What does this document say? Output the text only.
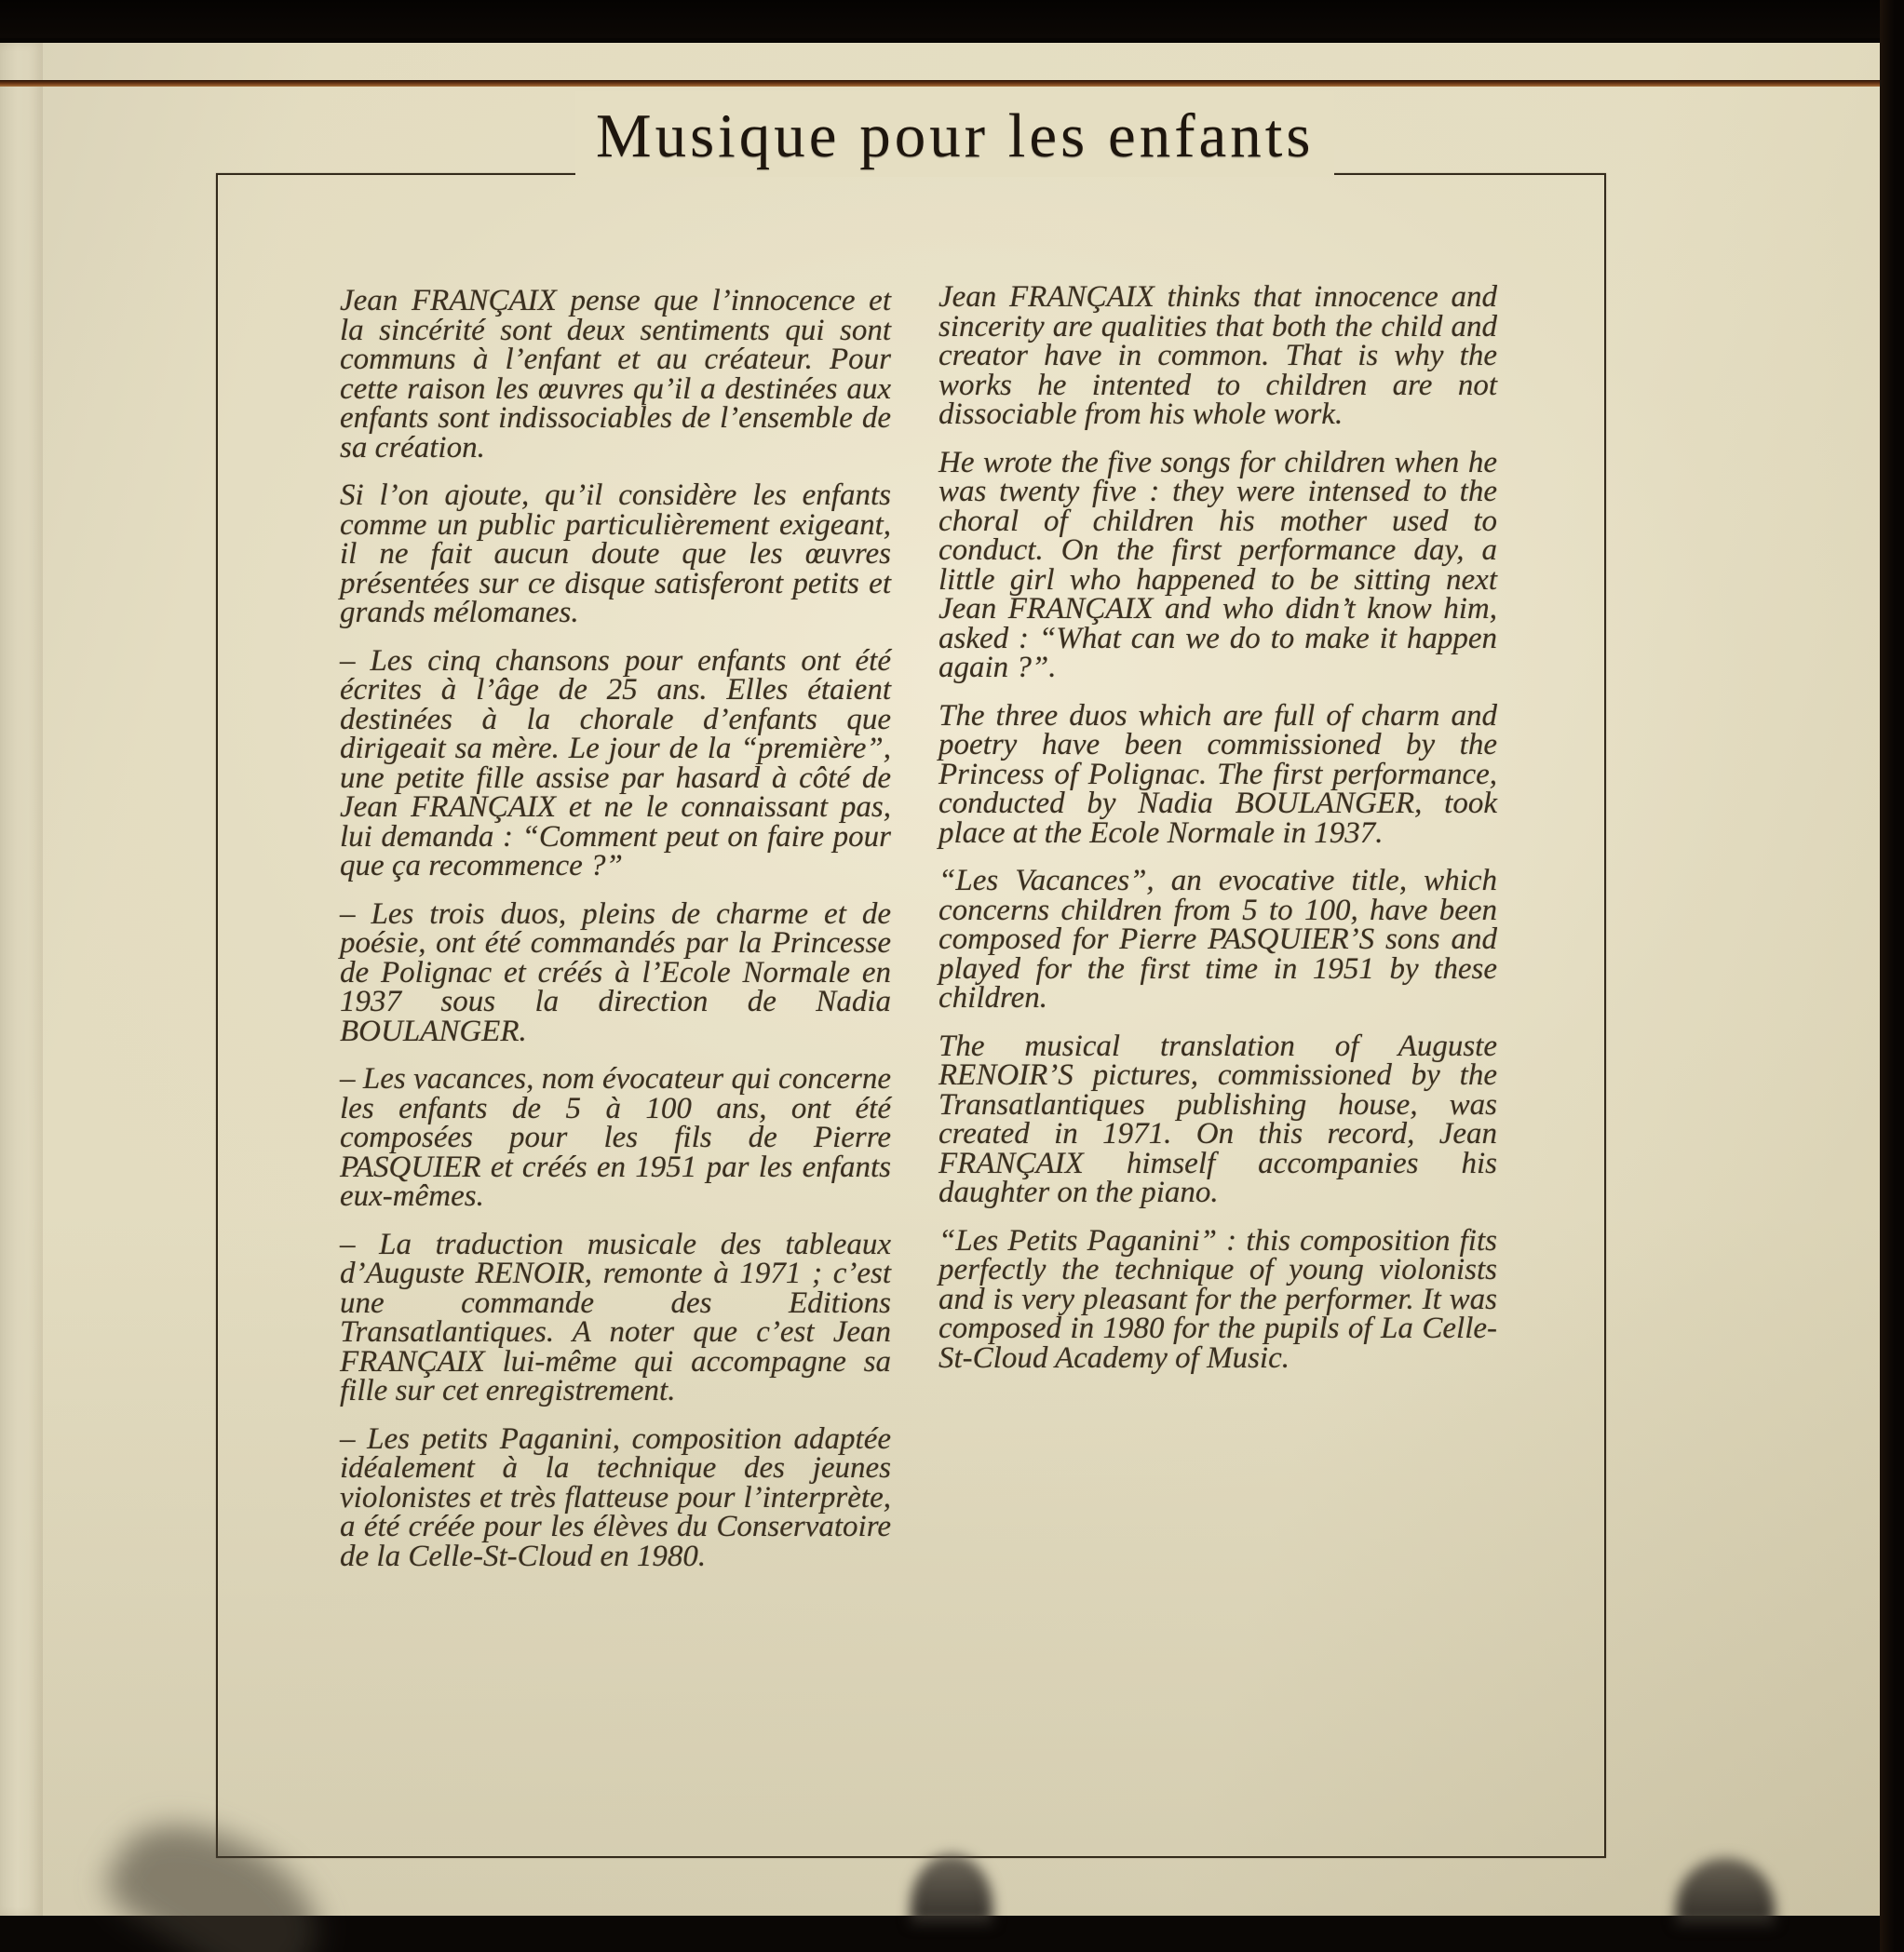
Musique pour les enfants

Jean FRANÇAIX pense que l’innocence et la sincérité sont deux sentiments qui sont communs à l’enfant et au créateur. Pour cette raison les œuvres qu’il a destinées aux enfants sont indissociables de l’ensemble de sa création.

Si l’on ajoute, qu’il considère les enfants comme un public particulièrement exigeant, il ne fait aucun doute que les œuvres présentées sur ce disque satisferont petits et grands mélomanes.

– Les cinq chansons pour enfants ont été écrites à l’âge de 25 ans. Elles étaient destinées à la chorale d’enfants que dirigeait sa mère. Le jour de la “première”, une petite fille assise par hasard à côté de Jean FRANÇAIX et ne le connaissant pas, lui demanda : “Comment peut on faire pour que ça recommence ?”

– Les trois duos, pleins de charme et de poésie, ont été commandés par la Princesse de Polignac et créés à l’Ecole Normale en 1937 sous la direction de Nadia BOULANGER.

– Les vacances, nom évocateur qui concerne les enfants de 5 à 100 ans, ont été composées pour les fils de Pierre PASQUIER et créés en 1951 par les enfants eux-mêmes.

– La traduction musicale des tableaux d’Auguste RENOIR, remonte à 1971 ; c’est une commande des Editions Transatlantiques. A noter que c’est Jean FRANÇAIX lui-même qui accompagne sa fille sur cet enregistrement.

– Les petits Paganini, composition adaptée idéalement à la technique des jeunes violonistes et très flatteuse pour l’interprète, a été créée pour les élèves du Conservatoire de la Celle-St-Cloud en 1980.

Jean FRANÇAIX thinks that innocence and sincerity are qualities that both the child and creator have in common. That is why the works he intented to children are not dissociable from his whole work.

He wrote the five songs for children when he was twenty five : they were intensed to the choral of children his mother used to conduct. On the first performance day, a little girl who happened to be sitting next Jean FRANÇAIX and who didn’t know him, asked : “What can we do to make it happen again ?”.

The three duos which are full of charm and poetry have been commissioned by the Princess of Polignac. The first performance, conducted by Nadia BOULANGER, took place at the Ecole Normale in 1937.

“Les Vacances”, an evocative title, which concerns children from 5 to 100, have been composed for Pierre PASQUIER’S sons and played for the first time in 1951 by these children.

The musical translation of Auguste RENOIR’S pictures, commissioned by the Transatlantiques publishing house, was created in 1971. On this record, Jean FRANÇAIX himself accompanies his daughter on the piano.

“Les Petits Paganini” : this composition fits perfectly the technique of young violonists and is very pleasant for the performer. It was composed in 1980 for the pupils of La Celle-St-Cloud Academy of Music.
